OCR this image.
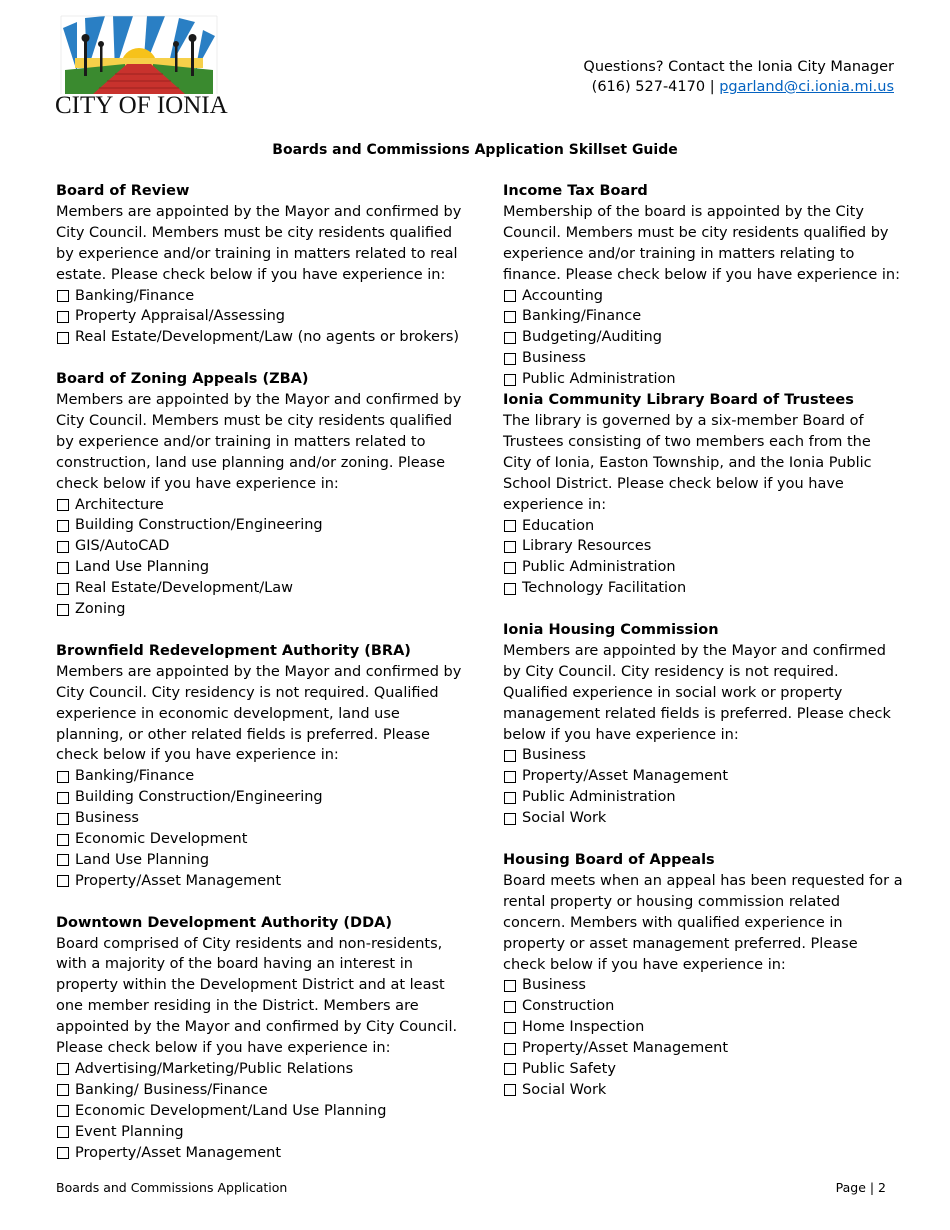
CITY OF IONIA
Questions? Contact the Ionia City Manager
(616) 527-4170 | pgarland@ci.ionia.mi.us
Boards and Commissions Application Skillset Guide
Board of Review

Members are appointed by the Mayor and confirmed by City Council. Members must be city residents qualified by experience and/or training in matters related to real estate. Please check below if you have experience in:

Banking/Finance
Property Appraisal/Assessing
Real Estate/Development/Law (no agents or brokers)
Board of Zoning Appeals (ZBA)

Members are appointed by the Mayor and confirmed by City Council. Members must be city residents qualified by experience and/or training in matters related to construction, land use planning and/or zoning. Please check below if you have experience in:

Architecture
Building Construction/Engineering
GIS/AutoCAD
Land Use Planning
Real Estate/Development/Law
Zoning
Brownfield Redevelopment Authority (BRA)

Members are appointed by the Mayor and confirmed by City Council. City residency is not required. Qualified experience in economic development, land use planning, or other related fields is preferred. Please check below if you have experience in:

Banking/Finance
Building Construction/Engineering
Business
Economic Development
Land Use Planning
Property/Asset Management
Downtown Development Authority (DDA)

Board comprised of City residents and non-residents, with a majority of the board having an interest in property within the Development District and at least one member residing in the District. Members are appointed by the Mayor and confirmed by City Council. Please check below if you have experience in:

Advertising/Marketing/Public Relations
Banking/ Business/Finance
Economic Development/Land Use Planning
Event Planning
Property/Asset Management
Income Tax Board

Membership of the board is appointed by the City Council. Members must be city residents qualified by experience and/or training in matters relating to finance. Please check below if you have experience in:

Accounting
Banking/Finance
Budgeting/Auditing
Business
Public Administration
Ionia Community Library Board of Trustees

The library is governed by a six-member Board of Trustees consisting of two members each from the City of Ionia, Easton Township, and the Ionia Public School District. Please check below if you have experience in:

Education
Library Resources
Public Administration
Technology Facilitation
Ionia Housing Commission

Members are appointed by the Mayor and confirmed by City Council. City residency is not required. Qualified experience in social work or property management related fields is preferred. Please check below if you have experience in:

Business
Property/Asset Management
Public Administration
Social Work
Housing Board of Appeals

Board meets when an appeal has been requested for a rental property or housing commission related concern. Members with qualified experience in property or asset management preferred. Please check below if you have experience in:

Business
Construction
Home Inspection
Property/Asset Management
Public Safety
Social Work
Boards and Commissions Application	Page | 2
